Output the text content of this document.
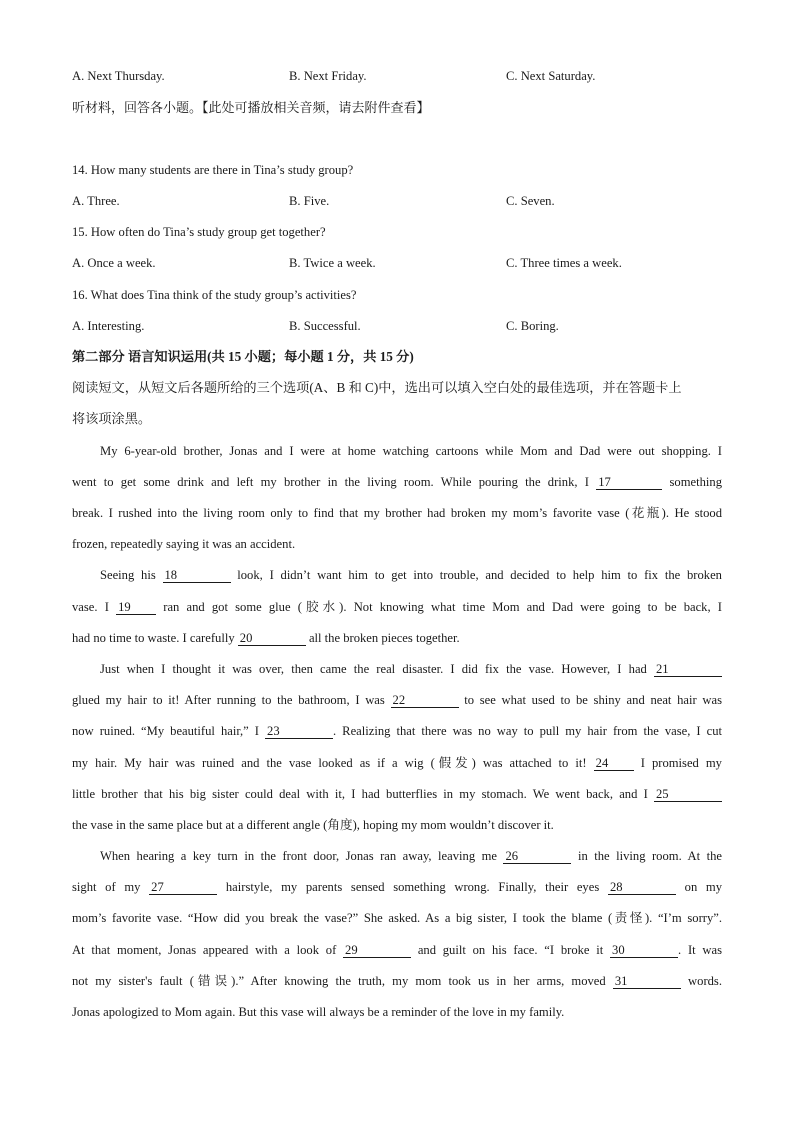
A. Next Thursday.	B. Next Friday.	C. Next Saturday.
听材料，回答各小题。【此处可播放相关音频，请去附件查看】
14. How many students are there in Tina’s study group?
A. Three.	B. Five.	C. Seven.
15. How often do Tina’s study group get together?
A. Once a week.	B. Twice a week.	C. Three times a week.
16. What does Tina think of the study group’s activities?
A. Interesting.	B. Successful.	C. Boring.
第二部分 语言知识运用(共 15 小题；每小题 1 分，共 15 分)
阅读短文，从短文后各题所给的三个选项(A、B 和 C)中，选出可以填入空白处的最佳选项，并在答题卡上
将该项涂黑。
My 6-year-old brother, Jonas and I were at home watching cartoons while Mom and Dad were out shopping. I
went to get some drink and left my brother in the living room. While pouring the drink, I 17	something
break. I rushed into the living room only to find that my brother had broken my mom’s favorite vase (花瓶). He stood
frozen, repeatedly saying it was an accident.
Seeing his 18	look, I didn’t want him to get into trouble, and decided to help him to fix the broken
vase. I 19	ran and got some glue (胶水). Not knowing what time Mom and Dad were going to be back, I
had no time to waste. I carefully 20	all the broken pieces together.
Just when I thought it was over, then came the real disaster. I did fix the vase. However, I had 21
glued my hair to it! After running to the bathroom, I was 22	to see what used to be shiny and neat hair was
now ruined. “My beautiful hair,” I 23	. Realizing that there was no way to pull my hair from the vase, I cut
my hair. My hair was ruined and the vase looked as if a wig (假发) was attached to it! 24	I promised my
little brother that his big sister could deal with it, I had butterflies in my stomach. We went back, and I 25
the vase in the same place but at a different angle (角度), hoping my mom wouldn’t discover it.
When hearing a key turn in the front door, Jonas ran away, leaving me 26	in the living room. At the
sight of my 27	hairstyle, my parents sensed something wrong. Finally, their eyes 28	on my
mom’s favorite vase. “How did you break the vase?” She asked. As a big sister, I took the blame (责怪). “I’m sorry”.
At that moment, Jonas appeared with a look of 29	and guilt on his face. “I broke it 30	. It was
not my sister's fault (错误).” After knowing the truth, my mom took us in her arms, moved 31	words.
Jonas apologized to Mom again. But this vase will always be a reminder of the love in my family.
